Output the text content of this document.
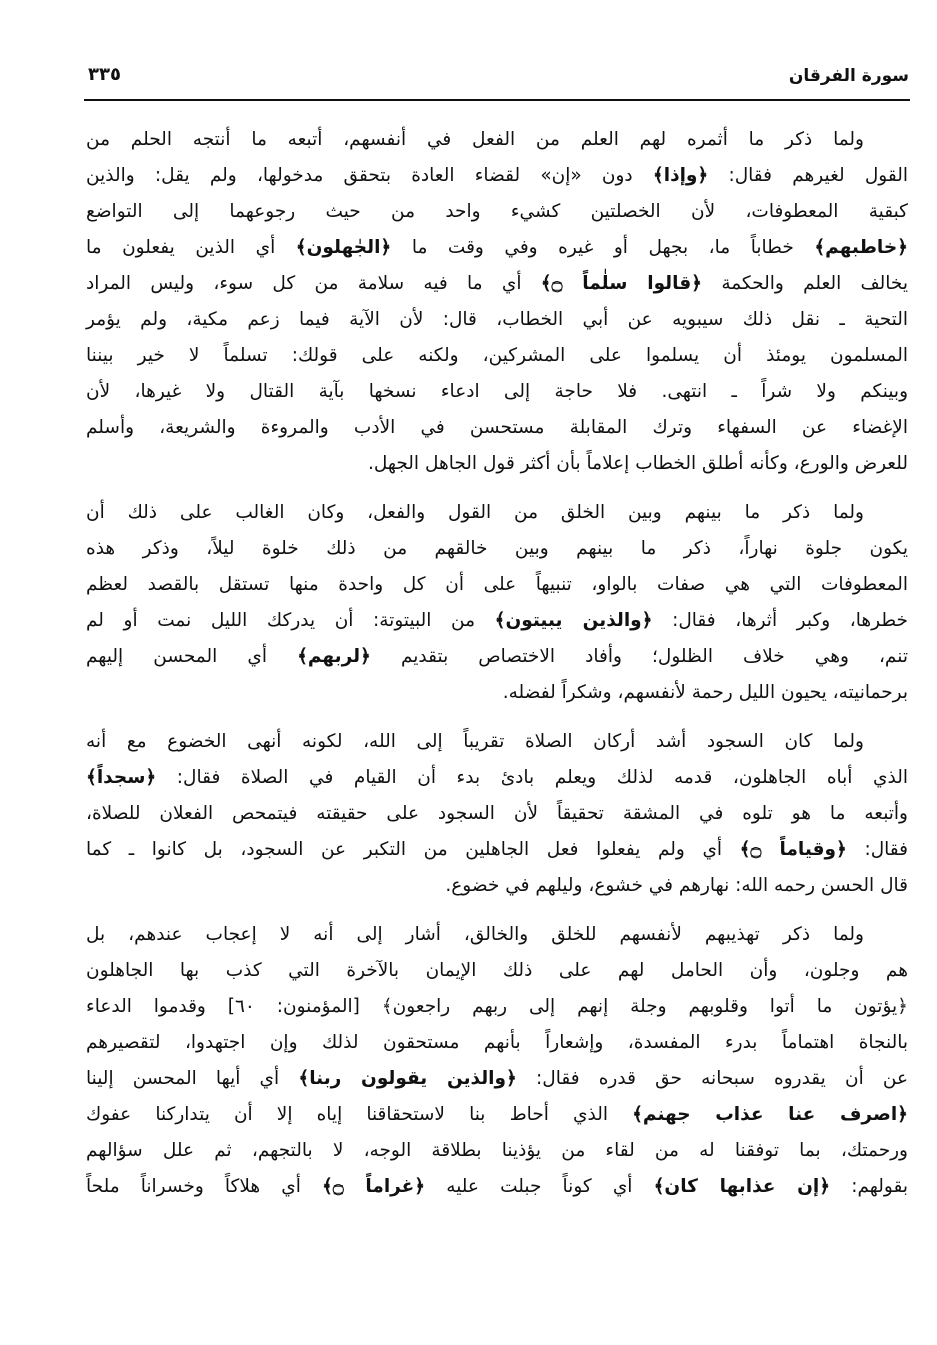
سورة الفرقان
٣٣٥
ولما ذكر ما أثمره لهم العلم من الفعل في أنفسهم، أتبعه ما أنتجه الحلم من
القول لغيرهم فقال: ﴿وإذا﴾ دون «إن» لقضاء العادة بتحقق مدخولها، ولم يقل: والذين
كبقية المعطوفات، لأن الخصلتين كشيء واحد من حيث رجوعهما إلى التواضع
﴿خاطبهم﴾ خطاباً ما، بجهل أو غيره وفي وقت ما ﴿الجٰهلون﴾ أي الذين يفعلون ما
يخالف العلم والحكمة ﴿قالوا سلٰماً ۝﴾ أي ما فيه سلامة من كل سوء، وليس المراد
التحية ـ نقل ذلك سيبويه عن أبي الخطاب، قال: لأن الآية فيما زعم مكية، ولم يؤمر
المسلمون يومئذ أن يسلموا على المشركين، ولكنه على قولك: تسلماً لا خير بيننا
وبينكم ولا شراً ـ انتهى. فلا حاجة إلى ادعاء نسخها بآية القتال ولا غيرها، لأن
الإغضاء عن السفهاء وترك المقابلة مستحسن في الأدب والمروءة والشريعة، وأسلم
للعرض والورع، وكأنه أطلق الخطاب إعلاماً بأن أكثر قول الجاهل الجهل.
ولما ذكر ما بينهم وبين الخلق من القول والفعل، وكان الغالب على ذلك أن
يكون جلوة نهاراً، ذكر ما بينهم وبين خالقهم من ذلك خلوة ليلاً، وذكر هذه
المعطوفات التي هي صفات بالواو، تنبيهاً على أن كل واحدة منها تستقل بالقصد لعظم
خطرها، وكبر أثرها، فقال: ﴿والذين يبيتون﴾ من البيتوتة: أن يدركك الليل نمت أو لم
تنم، وهي خلاف الظلول؛ وأفاد الاختصاص بتقديم ﴿لربهم﴾ أي المحسن إليهم
برحمانيته، يحيون الليل رحمة لأنفسهم، وشكراً لفضله.
ولما كان السجود أشد أركان الصلاة تقريباً إلى الله، لكونه أنهى الخضوع مع أنه
الذي أباه الجاهلون، قدمه لذلك ويعلم بادئ بدء أن القيام في الصلاة فقال: ﴿سجداً﴾
وأتبعه ما هو تلوه في المشقة تحقيقاً لأن السجود على حقيقته فيتمحص الفعلان للصلاة،
فقال: ﴿وقياماً ۝﴾ أي ولم يفعلوا فعل الجاهلين من التكبر عن السجود، بل كانوا ـ كما
قال الحسن رحمه الله: نهارهم في خشوع، وليلهم في خضوع.
ولما ذكر تهذيبهم لأنفسهم للخلق والخالق، أشار إلى أنه لا إعجاب عندهم، بل
هم وجلون، وأن الحامل لهم على ذلك الإيمان بالآخرة التي كذب بها الجاهلون
﴿يؤتون ما أتوا وقلوبهم وجلة إنهم إلى ربهم راجعون﴾ [المؤمنون: ٦٠] وقدموا الدعاء
بالنجاة اهتماماً بدرء المفسدة، وإشعاراً بأنهم مستحقون لذلك وإن اجتهدوا، لتقصيرهم
عن أن يقدروه سبحانه حق قدره فقال: ﴿والذين يقولون ربنا﴾ أي أيها المحسن إلينا
﴿اصرف عنا عذاب جهنم﴾ الذي أحاط بنا لاستحقاقنا إياه إلا أن يتداركنا عفوك
ورحمتك، بما توفقنا له من لقاء من يؤذينا بطلاقة الوجه، لا بالتجهم، ثم علل سؤالهم
بقولهم: ﴿إن عذابها كان﴾ أي كوناً جبلت عليه ﴿غراماً ۝﴾ أي هلاكاً وخسراناً ملحاً
